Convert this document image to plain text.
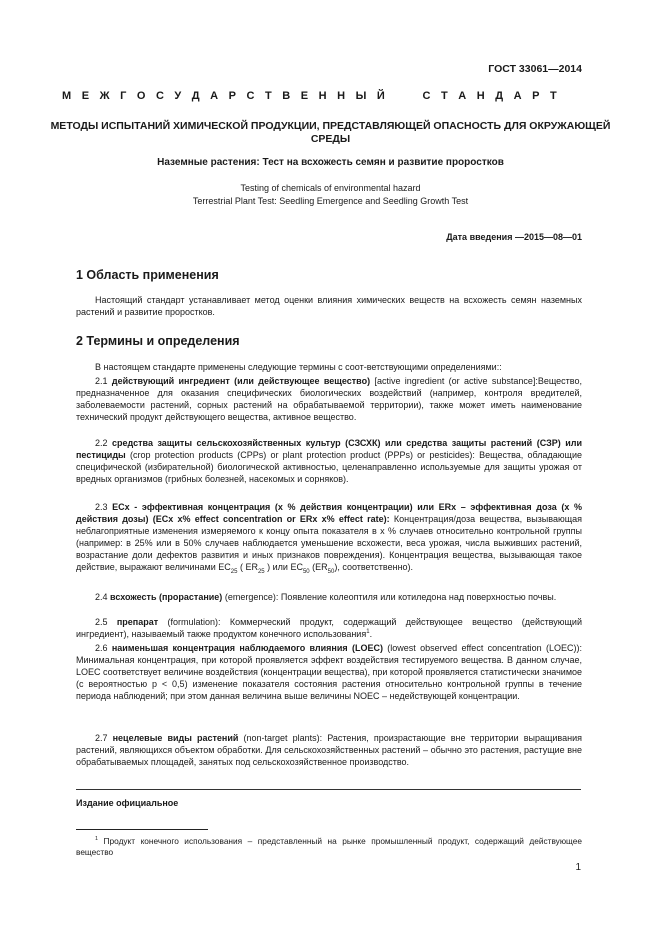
ГОСТ 33061—2014
М Е Ж Г О С У Д А Р С Т В Е Н Н Ы Й

	С Т А Н Д А Р Т
МЕТОДЫ ИСПЫТАНИЙ ХИМИЧЕСКОЙ ПРОДУКЦИИ, ПРЕДСТАВЛЯЮЩЕЙ ОПАСНОСТЬ ДЛЯ ОКРУЖАЮЩЕЙ СРЕДЫ
Наземные растения: Тест на всхожесть семян и развитие проростков
Testing of chemicals of environmental hazard
Terrestrial Plant Test: Seedling Emergence and Seedling Growth Test
Дата введения —2015—08—01
1 Область применения

Настоящий стандарт устанавливает метод оценки влияния химических веществ на всхожесть семян наземных растений и развитие проростков.

2 Термины и определения

В настоящем стандарте применены следующие термины с соот-ветствующими определениями::

2.1 действующий ингредиент (или действующее вещество) [active ingredient (or active substance]:Вещество, предназначенное для оказания специфических биологических воздействий (например, контроля вредителей, заболеваемости растений, сорных растений на обрабатываемой территории), также может иметь наименование технический продукт действующего вещества, активное вещество.

2.2 средства защиты сельскохозяйственных культур (СЗСХК) или средства защиты растений (СЗР) или пестициды (crop protection products (CPPs) or plant protection product (PPPs) or pesticides): Вещества, обладающие специфической (избирательной) биологической активностью, целенаправленно используемые для защиты урожая от вредных организмов (грибных болезней, насекомых и сорняков).

2.3 ECx - эффективная концентрация (x % действия концентрации) или ERx – эффективная доза (x % действия дозы) (ECx x% effect concentration or ERx x% effect rate): Концентрация/доза вещества, вызывающая неблагоприятные изменения измеряемого к концу опыта показателя в x % случаев относительно контрольной группы (например: в 25% или в 50% случаев наблюдается уменьшение всхожести, веса урожая, числа выживших растений, возрастание доли дефектов развития и иных признаков повреждения). Концентрация вещества, вызывающая такое действие, выражают величинами $EC_{25}$ ( $ER_{25}$ ) или $EC_{50}$ $(ER_{50})$, соответственно).

2.4 всхожесть (прорастание) (emergence): Появление колеоптиля или котиледона над поверхностью почвы.

2.5 препарат (formulation): Коммерческий продукт, содержащий действующее вещество (действующий ингредиент), называемый также продуктом конечного использования$^1$.

2.6 наименьшая концентрация наблюдаемого влияния (LOEC) (lowest observed effect concentration (LOEC)): Минимальная концентрация, при которой проявляется эффект воздействия тестируемого вещества. В данном случае, LOEC соответствует величине воздействия (концентрации вещества), при которой проявляется статистически значимое (с вероятностью p < 0,5) изменение показателя состояния растения относительно контрольной группы в течение периода наблюдений; при этом данная величина выше величины NOEC – недействующей концентрации.

2.7 нецелевые виды растений (non-target plants): Растения, произрастающие вне территории выращивания растений, являющихся объектом обработки. Для сельскохозяйственных растений – обычно это растения, растущие вне обрабатываемых площадей, занятых под сельскохозяйственное производство.

Издание официальное
$^1$ Продукт конечного использования – представленный на рынке промышленный продукт, содержащий действующее вещество
1
